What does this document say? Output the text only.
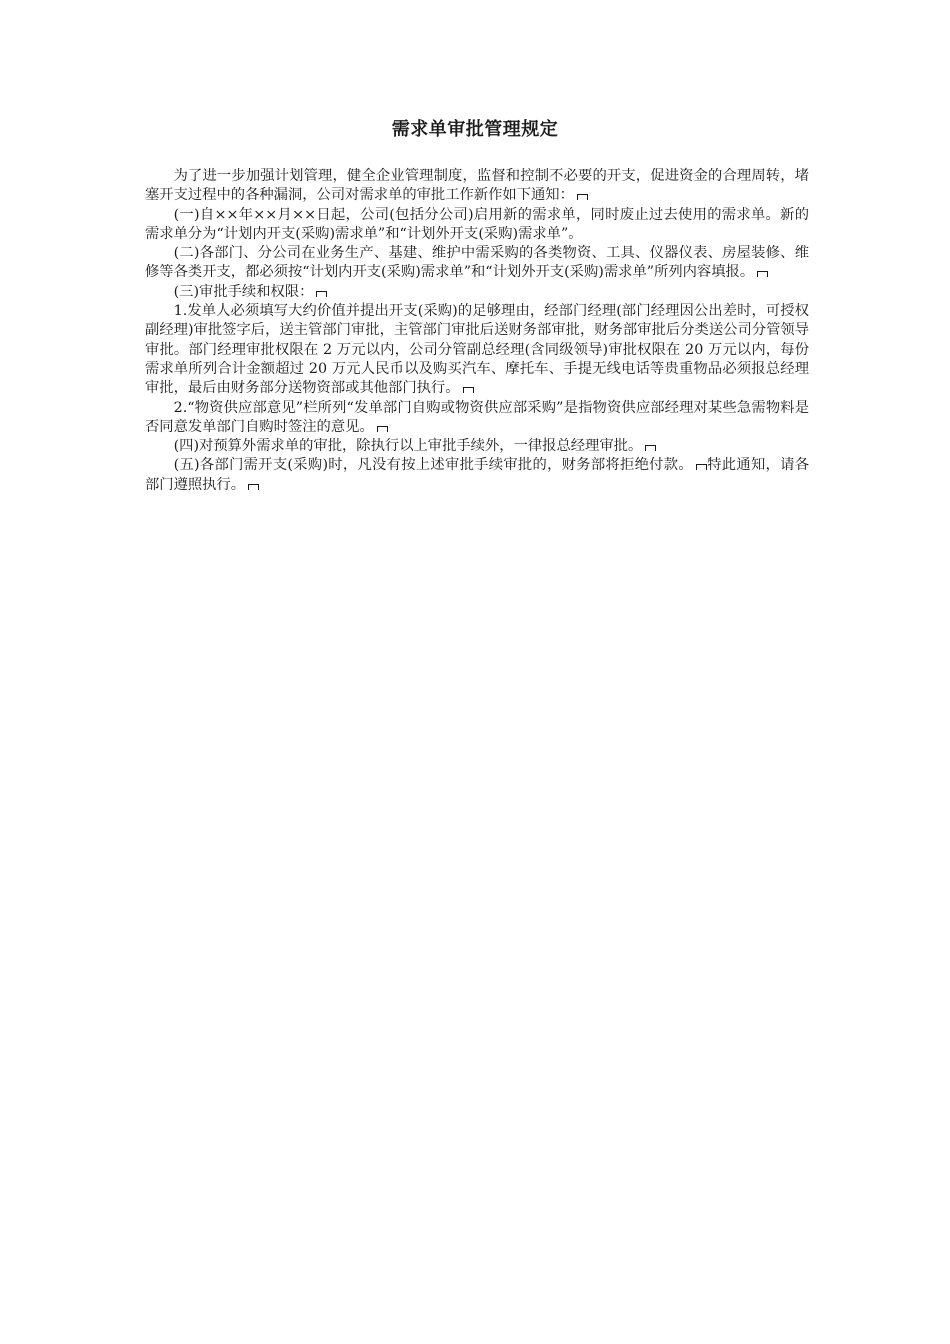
需求单审批管理规定

为了进一步加强计划管理，健全企业管理制度，监督和控制不必要的开支，促进资金的合理周转，堵塞开支过程中的各种漏洞，公司对需求单的审批工作新作如下通知：

(一)自××年××月××日起，公司(包括分公司)启用新的需求单，同时废止过去使用的需求单。新的需求单分为“计划内开支(采购)需求单”和“计划外开支(采购)需求单”。

(二)各部门、分公司在业务生产、基建、维护中需采购的各类物资、工具、仪器仪表、房屋装修、维修等各类开支，都必须按“计划内开支(采购)需求单”和“计划外开支(采购)需求单”所列内容填报。

(三)审批手续和权限：

1.发单人必须填写大约价值并提出开支(采购)的足够理由，经部门经理(部门经理因公出差时，可授权副经理)审批签字后，送主管部门审批，主管部门审批后送财务部审批，财务部审批后分类送公司分管领导审批。部门经理审批权限在 2 万元以内，公司分管副总经理(含同级领导)审批权限在 20 万元以内，每份需求单所列合计金额超过 20 万元人民币以及购买汽车、摩托车、手提无线电话等贵重物品必须报总经理审批，最后由财务部分送物资部或其他部门执行。

2.“物资供应部意见”栏所列“发单部门自购或物资供应部采购”是指物资供应部经理对某些急需物料是否同意发单部门自购时签注的意见。

(四)对预算外需求单的审批，除执行以上审批手续外，一律报总经理审批。

(五)各部门需开支(采购)时，凡没有按上述审批手续审批的，财务部将拒绝付款。 特此通知，请各部门遵照执行。
